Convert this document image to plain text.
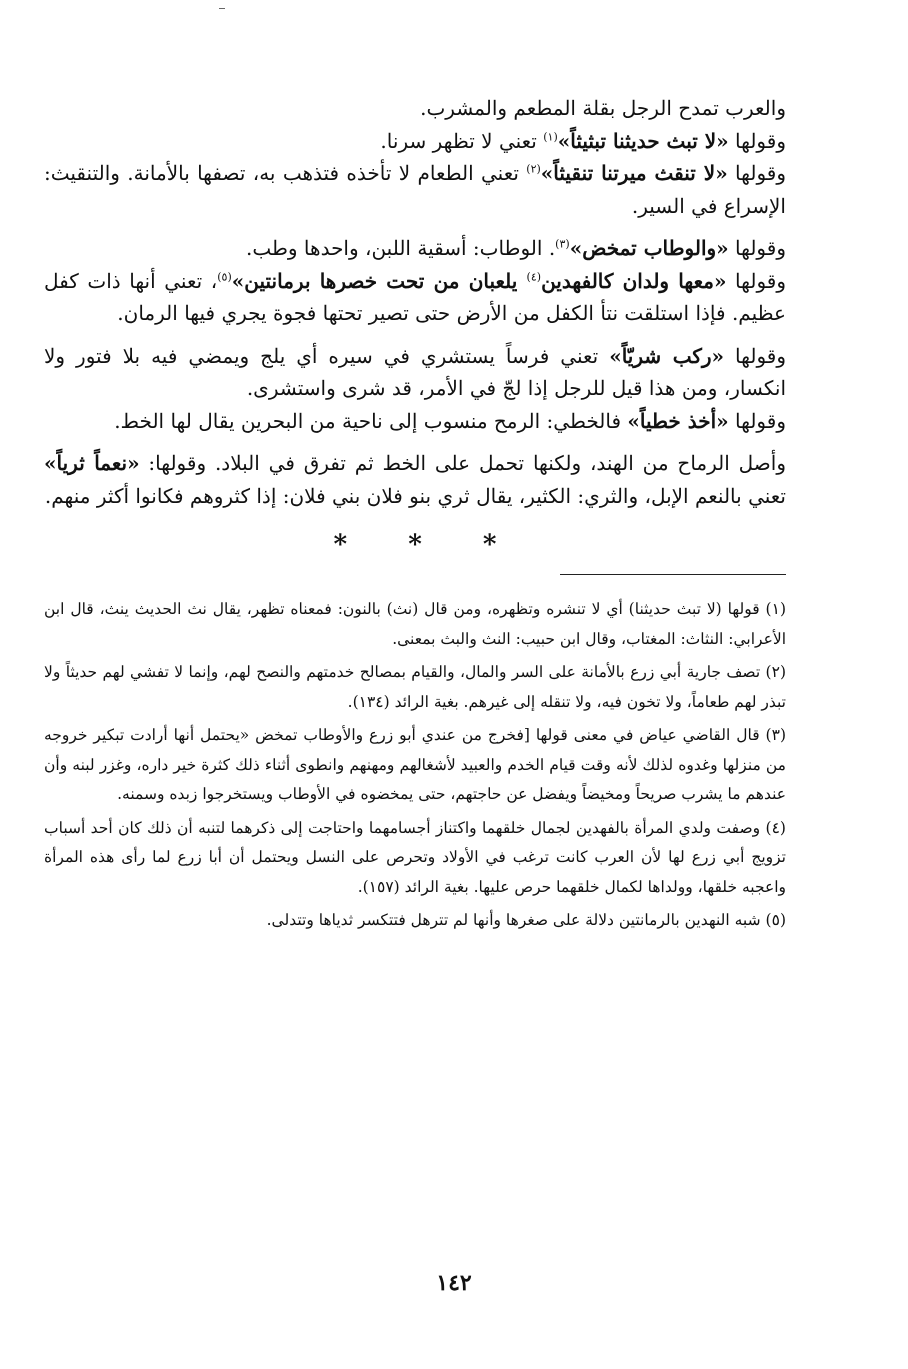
والعرب تمدح الرجل بقلة المطعم والمشرب.

وقولها «لا تبث حديثنا تبثيثاً»$^{(١)}$ تعني لا تظهر سرنا.

وقولها «لا تنقث ميرتنا تنقيثاً»$^{(٢)}$ تعني الطعام لا تأخذه فتذهب به، تصفها بالأمانة. والتنقيث: الإسراع في السير.

وقولها «والوطاب تمخض»$^{(٣)}$. الوطاب: أسقية اللبن، واحدها وطب.

وقولها «معها ولدان كالفهدين$^{(٤)}$ يلعبان من تحت خصرها برمانتين»$^{(٥)}$، تعني أنها ذات كفل عظيم. فإذا استلقت نتأ الكفل من الأرض حتى تصير تحتها فجوة يجري فيها الرمان.

وقولها «ركب شريّاً» تعني فرساً يستشري في سيره أي يلج ويمضي فيه بلا فتور ولا انكسار، ومن هذا قيل للرجل إذا لجّ في الأمر، قد شرى واستشرى.

وقولها «أخذ خطياً» فالخطي: الرمح منسوب إلى ناحية من البحرين يقال لها الخط.

وأصل الرماح من الهند، ولكنها تحمل على الخط ثم تفرق في البلاد. وقولها: «نعماً ثرياً» تعني بالنعم الإبل، والثري: الكثير، يقال ثري بنو فلان بني فلان: إذا كثروهم فكانوا أكثر منهم.

* * *

(١) قولها (لا تبث حديثنا) أي لا تنشره وتظهره، ومن قال (نث) بالنون: فمعناه تظهر، يقال نث الحديث ينث، قال ابن الأعرابي: النثاث: المغتاب، وقال ابن حبيب: النث والبث بمعنى.

(٢) تصف جارية أبي زرع بالأمانة على السر والمال، والقيام بمصالح خدمتهم والنصح لهم، وإنما لا تفشي لهم حديثاً ولا تبذر لهم طعاماً، ولا تخون فيه، ولا تنقله إلى غيرهم. بغية الرائد (١٣٤).

(٣) قال القاضي عياض في معنى قولها [فخرج من عندي أبو زرع والأوطاب تمخض «يحتمل أنها أرادت تبكير خروجه من منزلها وغدوه لذلك لأنه وقت قيام الخدم والعبيد لأشغالهم ومهنهم وانطوى أثناء ذلك كثرة خير داره، وغزر لبنه وأن عندهم ما يشرب صريحاً ومخيضاً ويفضل عن حاجتهم، حتى يمخضوه في الأوطاب ويستخرجوا زبده وسمنه.

(٤) وصفت ولدي المرأة بالفهدين لجمال خلقهما واكتناز أجسامهما واحتاجت إلى ذكرهما لتنبه أن ذلك كان أحد أسباب تزويج أبي زرع لها لأن العرب كانت ترغب في الأولاد وتحرص على النسل ويحتمل أن أبا زرع لما رأى هذه المرأة واعجبه خلقها، وولداها لكمال خلقهما حرص عليها. بغية الرائد (١٥٧).

(٥) شبه النهدين بالرمانتين دلالة على صغرها وأنها لم تترهل فتتكسر ثدياها وتتدلى.

١٤٢
